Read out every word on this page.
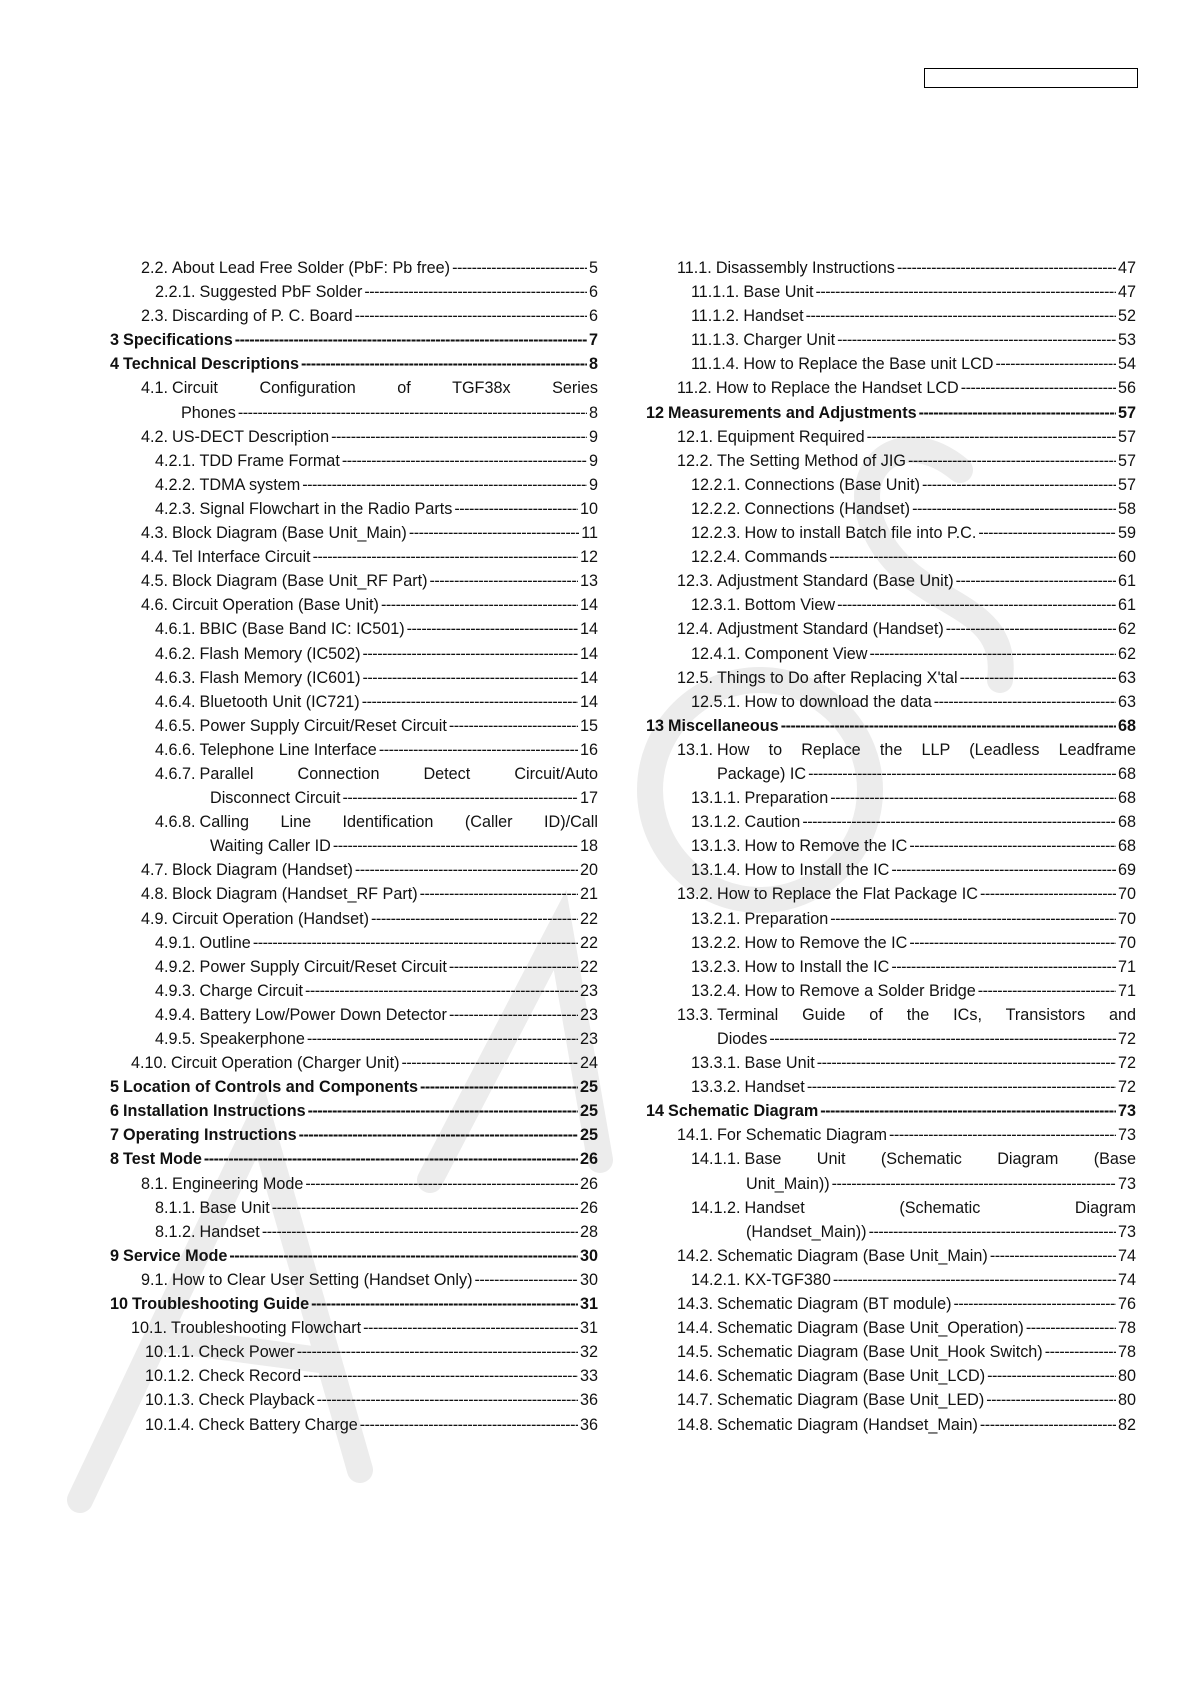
2.2. About Lead Free Solder (PbF: Pb free) -----	5
2.2.1. Suggested PbF Solder -----	6
2.3. Discarding of P. C. Board -----	6
3 Specifications -----	7
4 Technical Descriptions -----	8
4.1. Circuit Configuration of TGF38x Series
Phones -----	8
4.2. US-DECT Description -----	9
4.2.1. TDD Frame Format -----	9
4.2.2. TDMA system -----	9
4.2.3. Signal Flowchart in the Radio Parts -----	10
4.3. Block Diagram (Base Unit_Main) -----	11
4.4. Tel Interface Circuit -----	12
4.5. Block Diagram (Base Unit_RF Part) -----	13
4.6. Circuit Operation (Base Unit) -----	14
4.6.1. BBIC (Base Band IC: IC501) -----	14
4.6.2. Flash Memory (IC502) -----	14
4.6.3. Flash Memory (IC601) -----	14
4.6.4. Bluetooth Unit (IC721) -----	14
4.6.5. Power Supply Circuit/Reset Circuit -----	15
4.6.6. Telephone Line Interface -----	16
4.6.7. Parallel Connection Detect Circuit/Auto
Disconnect Circuit -----	17
4.6.8. Calling Line Identification (Caller ID)/Call
Waiting Caller ID -----	18
4.7. Block Diagram (Handset) -----	20
4.8. Block Diagram (Handset_RF Part) -----	21
4.9. Circuit Operation (Handset) -----	22
4.9.1. Outline -----	22
4.9.2. Power Supply Circuit/Reset Circuit -----	22
4.9.3. Charge Circuit -----	23
4.9.4. Battery Low/Power Down Detector -----	23
4.9.5. Speakerphone -----	23
4.10. Circuit Operation (Charger Unit) -----	24
5 Location of Controls and Components -----	25
6 Installation Instructions -----	25
7 Operating Instructions -----	25
8 Test Mode -----	26
8.1. Engineering Mode -----	26
8.1.1. Base Unit -----	26
8.1.2. Handset -----	28
9 Service Mode -----	30
9.1. How to Clear User Setting (Handset Only) -----	30
10 Troubleshooting Guide -----	31
10.1. Troubleshooting Flowchart -----	31
10.1.1. Check Power -----	32
10.1.2. Check Record -----	33
10.1.3. Check Playback -----	36
10.1.4. Check Battery Charge -----	36
11.1. Disassembly Instructions -----	47
11.1.1. Base Unit -----	47
11.1.2. Handset -----	52
11.1.3. Charger Unit -----	53
11.1.4. How to Replace the Base unit LCD -----	54
11.2. How to Replace the Handset LCD -----	56
12 Measurements and Adjustments -----	57
12.1. Equipment Required -----	57
12.2. The Setting Method of JIG -----	57
12.2.1. Connections (Base Unit) -----	57
12.2.2. Connections (Handset) -----	58
12.2.3. How to install Batch file into P.C. -----	59
12.2.4. Commands -----	60
12.3. Adjustment Standard (Base Unit) -----	61
12.3.1. Bottom View -----	61
12.4. Adjustment Standard (Handset) -----	62
12.4.1. Component View -----	62
12.5. Things to Do after Replacing X'tal -----	63
12.5.1. How to download the data -----	63
13 Miscellaneous -----	68
13.1. How to Replace the LLP (Leadless Leadframe
Package) IC -----	68
13.1.1. Preparation -----	68
13.1.2. Caution -----	68
13.1.3. How to Remove the IC -----	68
13.1.4. How to Install the IC -----	69
13.2. How to Replace the Flat Package IC -----	70
13.2.1. Preparation -----	70
13.2.2. How to Remove the IC -----	70
13.2.3. How to Install the IC -----	71
13.2.4. How to Remove a Solder Bridge -----	71
13.3. Terminal Guide of the ICs, Transistors and
Diodes -----	72
13.3.1. Base Unit -----	72
13.3.2. Handset -----	72
14 Schematic Diagram -----	73
14.1. For Schematic Diagram -----	73
14.1.1. Base Unit (Schematic Diagram (Base
Unit_Main)) -----	73
14.1.2. Handset (Schematic Diagram
(Handset_Main)) -----	73
14.2. Schematic Diagram (Base Unit_Main) -----	74
14.2.1. KX-TGF380 -----	74
14.3. Schematic Diagram (BT module) -----	76
14.4. Schematic Diagram (Base Unit_Operation) -----	78
14.5. Schematic Diagram (Base Unit_Hook Switch) -----	78
14.6. Schematic Diagram (Base Unit_LCD) -----	80
14.7. Schematic Diagram (Base Unit_LED) -----	80
14.8. Schematic Diagram (Handset_Main) -----	82
